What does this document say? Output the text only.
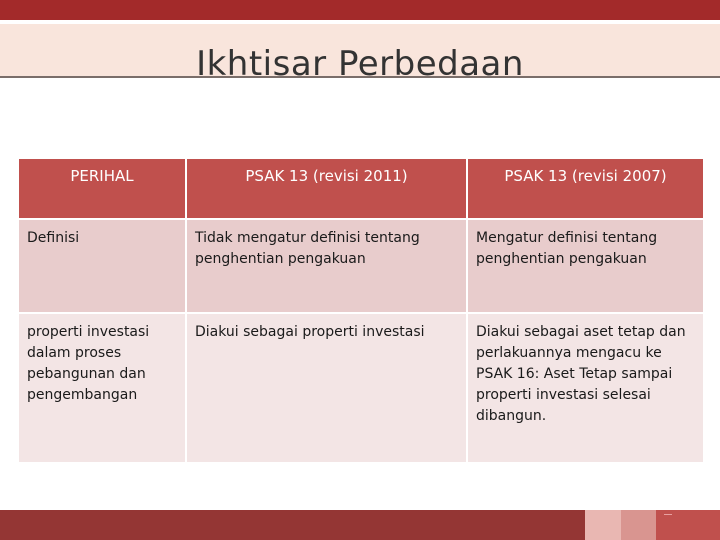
Ikhtisar Perbedaan
PERIHAL	PSAK 13 (revisi 2011)	PSAK 13 (revisi 2007)
Definisi	Tidak mengatur definisi tentang penghentian pengakuan	Mengatur definisi tentang penghentian pengakuan
properti investasi dalam proses pebangunan dan pengembangan	Diakui sebagai properti investasi	Diakui sebagai aset tetap dan perlakuannya mengacu ke PSAK 16: Aset Tetap sampai properti investasi selesai dibangun.
